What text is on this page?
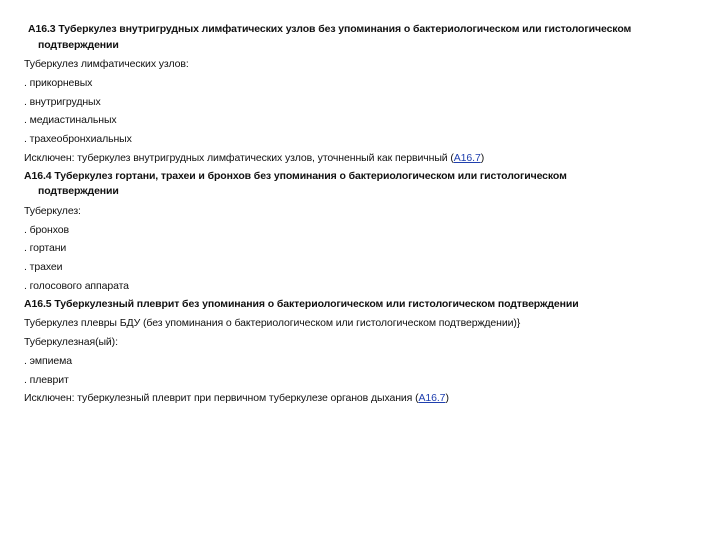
A16.3 Туберкулез внутригрудных лимфатических узлов без упоминания о бактериологическом или гистологическом
подтверждении
Туберкулез лимфатических узлов:
. прикорневых
. внутригрудных
. медиастинальных
. трахеобронхиальных
Исключен: туберкулез внутригрудных лимфатических узлов, уточненный как первичный (A16.7)
A16.4 Туберкулез гортани, трахеи и бронхов без упоминания о бактериологическом или гистологическом
подтверждении
Туберкулез:
. бронхов
. гортани
. трахеи
. голосового аппарата
A16.5 Туберкулезный плеврит без упоминания о бактериологическом или гистологическом подтверждении
Туберкулез плевры БДУ (без упоминания о бактериологическом или гистологическом подтверждении)}
Туберкулезная(ый):
. эмпиема
. плеврит
Исключен: туберкулезный плеврит при первичном туберкулезе органов дыхания (A16.7)
